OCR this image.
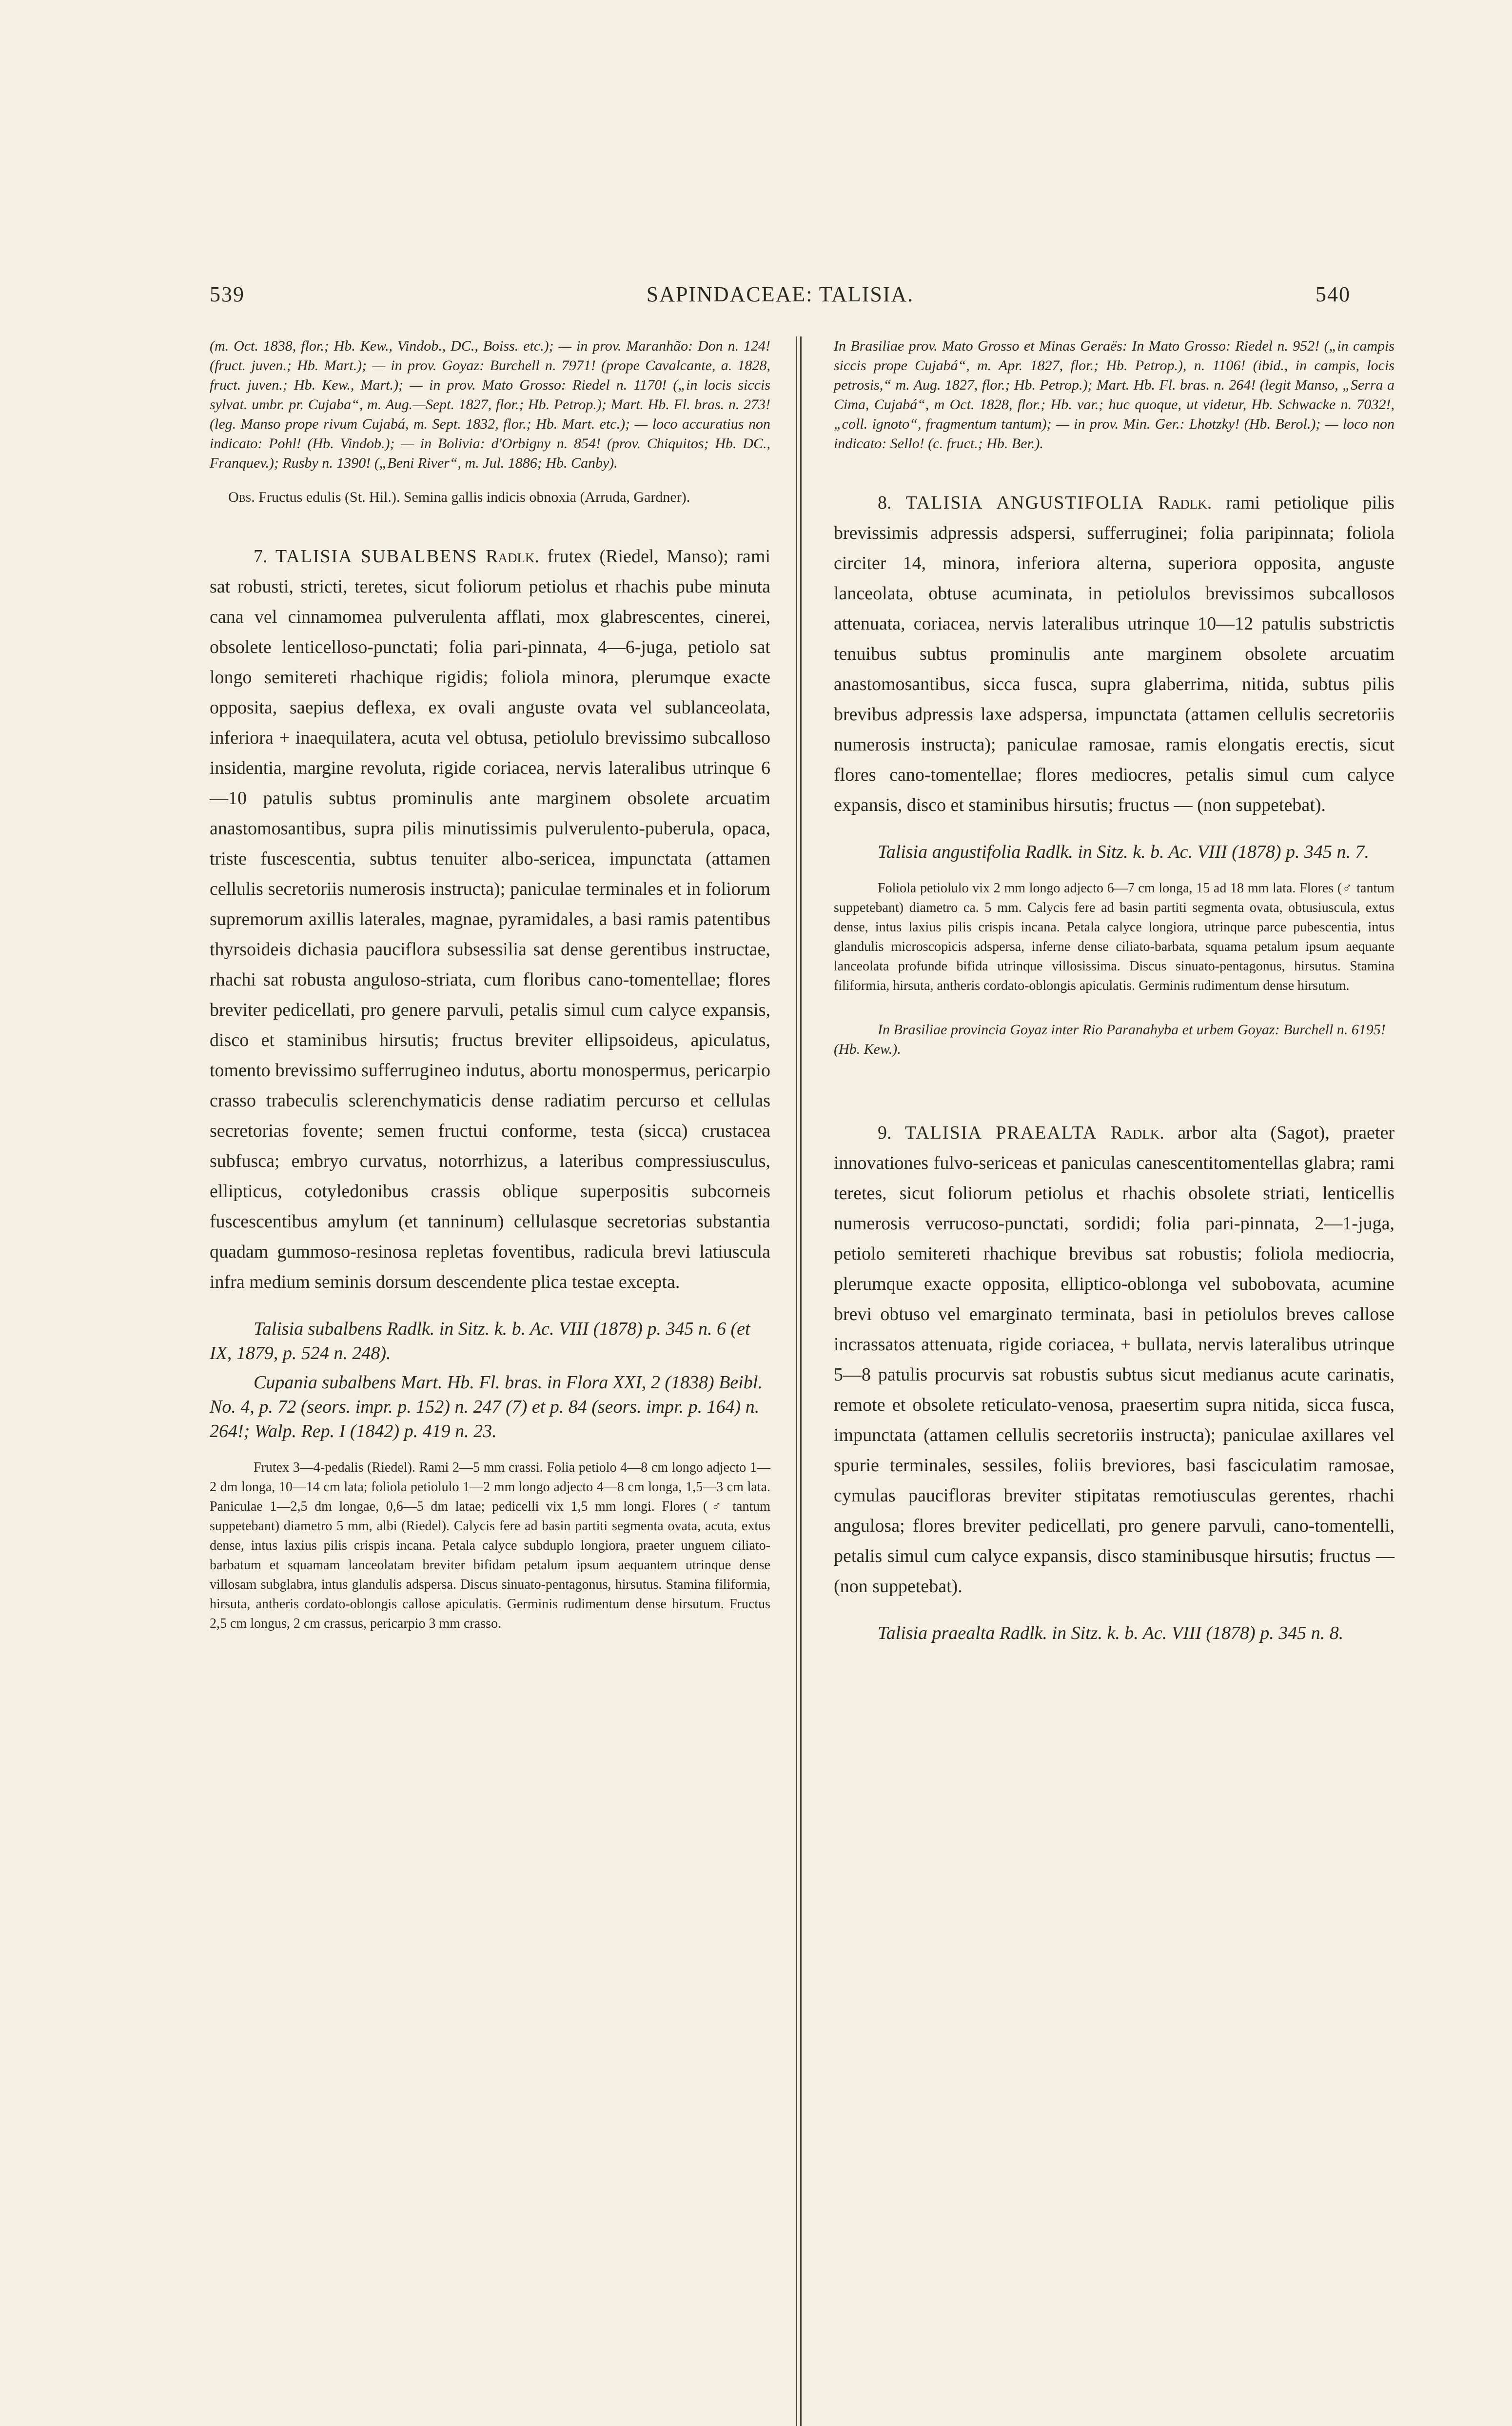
539	SAPINDACEAE: TALISIA.	540

(m. Oct. 1838, flor.; Hb. Kew., Vindob., DC., Boiss. etc.); — in prov. Maranhão: Don n. 124! (fruct. juven.; Hb. Mart.); — in prov. Goyaz: Burchell n. 7971! (prope Cavalcante, a. 1828, fruct. juven.; Hb. Kew., Mart.); — in prov. Mato Grosso: Riedel n. 1170! („in locis siccis sylvat. umbr. pr. Cujaba“, m. Aug.—Sept. 1827, flor.; Hb. Petrop.); Mart. Hb. Fl. bras. n. 273! (leg. Manso prope rivum Cujabá, m. Sept. 1832, flor.; Hb. Mart. etc.); — loco accuratius non indicato: Pohl! (Hb. Vindob.); — in Bolivia: d'Orbigny n. 854! (prov. Chiquitos; Hb. DC., Franquev.); Rusby n. 1390! („Beni River“, m. Jul. 1886; Hb. Canby).

Obs. Fructus edulis (St. Hil.). Semina gallis indicis obnoxia (Arruda, Gardner).

7. TALISIA SUBALBENS Radlk. frutex (Riedel, Manso); rami sat robusti, stricti, teretes, sicut foliorum petiolus et rhachis pube minuta cana vel cinnamomea pulverulenta afflati, mox glabrescentes, cinerei, obsolete lenticelloso-punctati; folia pari-pinnata, 4—6-juga, petiolo sat longo semitereti rhachique rigidis; foliola minora, plerumque exacte opposita, saepius deflexa, ex ovali anguste ovata vel sublanceolata, inferiora + inaequilatera, acuta vel obtusa, petiolulo brevissimo subcalloso insidentia, margine revoluta, rigide coriacea, nervis lateralibus utrinque 6—10 patulis subtus prominulis ante marginem obsolete arcuatim anastomosantibus, supra pilis minutissimis pulverulento-puberula, opaca, triste fuscescentia, subtus tenuiter albo-sericea, impunctata (attamen cellulis secretoriis numerosis instructa); paniculae terminales et in foliorum supremorum axillis laterales, magnae, pyramidales, a basi ramis patentibus thyrsoideis dichasia pauciflora subsessilia sat dense gerentibus instructae, rhachi sat robusta anguloso-striata, cum floribus cano-tomentellae; flores breviter pedicellati, pro genere parvuli, petalis simul cum calyce expansis, disco et staminibus hirsutis; fructus breviter ellipsoideus, apiculatus, tomento brevissimo sufferrugineo indutus, abortu monospermus, pericarpio crasso trabeculis sclerenchymaticis dense radiatim percurso et cellulas secretorias fovente; semen fructui conforme, testa (sicca) crustacea subfusca; embryo curvatus, notorrhizus, a lateribus compressiusculus, ellipticus, cotyledonibus crassis oblique superpositis subcorneis fuscescentibus amylum (et tanninum) cellulasque secretorias substantia quadam gummoso-resinosa repletas foventibus, radicula brevi latiuscula infra medium seminis dorsum descendente plica testae exceptа.

Talisia subalbens Radlk. in Sitz. k. b. Ac. VIII (1878) p. 345 n. 6 (et IX, 1879, p. 524 n. 248).

Cupania subalbens Mart. Hb. Fl. bras. in Flora XXI, 2 (1838) Beibl. No. 4, p. 72 (seors. impr. p. 152) n. 247 (7) et p. 84 (seors. impr. p. 164) n. 264!; Walp. Rep. I (1842) p. 419 n. 23.

Frutex 3—4-pedalis (Riedel). Rami 2—5 mm crassi. Folia petiolo 4—8 cm longo adjecto 1—2 dm longa, 10—14 cm lata; foliola petiolulo 1—2 mm longo adjecto 4—8 cm longa, 1,5—3 cm lata. Paniculae 1—2,5 dm longae, 0,6—5 dm latae; pedicelli vix 1,5 mm longi. Flores (♂ tantum suppetebant) diametro 5 mm, albi (Riedel). Calycis fere ad basin partiti segmenta ovata, acuta, extus dense, intus laxius pilis crispis incana. Petala calyce subduplo longiora, praeter unguem ciliato-barbatum et squamam lanceolatam breviter bifidam petalum ipsum aequantem utrinque dense villosam subglabra, intus glandulis adspersa. Discus sinuato-pentagonus, hirsutus. Stamina filiformia, hirsuta, antheris cordato-oblongis callose apiculatis. Germinis rudimentum dense hirsutum. Fructus 2,5 cm longus, 2 cm crassus, pericarpio 3 mm crasso.

In Brasiliae prov. Mato Grosso et Minas Geraës: In Mato Grosso: Riedel n. 952! („in campis siccis prope Cujabá“, m. Apr. 1827, flor.; Hb. Petrop.), n. 1106! (ibid., in campis, locis petrosis,“ m. Aug. 1827, flor.; Hb. Petrop.); Mart. Hb. Fl. bras. n. 264! (legit Manso, „Serra a Cima, Cujabá“, m Oct. 1828, flor.; Hb. var.; huc quoque, ut videtur, Hb. Schwacke n. 7032!, „coll. ignoto“, fragmentum tantum); — in prov. Min. Ger.: Lhotzky! (Hb. Berol.); — loco non indicato: Sello! (c. fruct.; Hb. Ber.).

8. TALISIA ANGUSTIFOLIA Radlk. rami petiolique pilis brevissimis adpressis adspersi, sufferruginei; folia paripinnata; foliola circiter 14, minora, inferiora alterna, superiora opposita, anguste lanceolata, obtuse acuminata, in petiolulos brevissimos subcallosos attenuata, coriacea, nervis lateralibus utrinque 10—12 patulis substrictis tenuibus subtus prominulis ante marginem obsolete arcuatim anastomosantibus, sicca fusca, supra glaberrima, nitida, subtus pilis brevibus adpressis laxe adspersa, impunctata (attamen cellulis secretoriis numerosis instructa); paniculae ramosae, ramis elongatis erectis, sicut flores cano-tomentellae; flores mediocres, petalis simul cum calyce expansis, disco et staminibus hirsutis; fructus — (non suppetebat).

Talisia angustifolia Radlk. in Sitz. k. b. Ac. VIII (1878) p. 345 n. 7.

Foliola petiolulo vix 2 mm longo adjecto 6—7 cm longa, 15 ad 18 mm lata. Flores (♂ tantum suppetebant) diametro ca. 5 mm. Calycis fere ad basin partiti segmenta ovata, obtusiuscula, extus dense, intus laxius pilis crispis incana. Petala calyce longiora, utrinque parce pubescentia, intus glandulis microscopicis adspersa, inferne dense ciliato-barbata, squama petalum ipsum aequante lanceolata profunde bifida utrinque villosissima. Discus sinuato-pentagonus, hirsutus. Stamina filiformia, hirsuta, antheris cordato-oblongis apiculatis. Germinis rudimentum dense hirsutum.

In Brasiliae provincia Goyaz inter Rio Paranahyba et urbem Goyaz: Burchell n. 6195! (Hb. Kew.).

9. TALISIA PRAEALTA Radlk. arbor alta (Sagot), praeter innovationes fulvo-sericeas et paniculas canescentitomentellas glabra; rami teretes, sicut foliorum petiolus et rhachis obsolete striati, lenticellis numerosis verrucoso-punctati, sordidi; folia pari-pinnata, 2—1-juga, petiolo semitereti rhachique brevibus sat robustis; foliola mediocria, plerumque exacte opposita, elliptico-oblonga vel subobovata, acumine brevi obtuso vel emarginato terminata, basi in petiolulos breves callose incrassatos attenuata, rigide coriacea, + bullata, nervis lateralibus utrinque 5—8 patulis procurvis sat robustis subtus sicut medianus acute carinatis, remote et obsolete reticulato-venosa, praesertim supra nitida, sicca fusca, impunctata (attamen cellulis secretoriis instructa); paniculae axillares vel spurie terminales, sessiles, foliis breviores, basi fasciculatim ramosae, cymulas paucifloras breviter stipitatas remotiusculas gerentes, rhachi angulosa; flores breviter pedicellati, pro genere parvuli, cano-tomentelli, petalis simul cum calyce expansis, disco staminibusque hirsutis; fructus — (non suppetebat).

Talisia praealta Radlk. in Sitz. k. b. Ac. VIII (1878) p. 345 n. 8.
